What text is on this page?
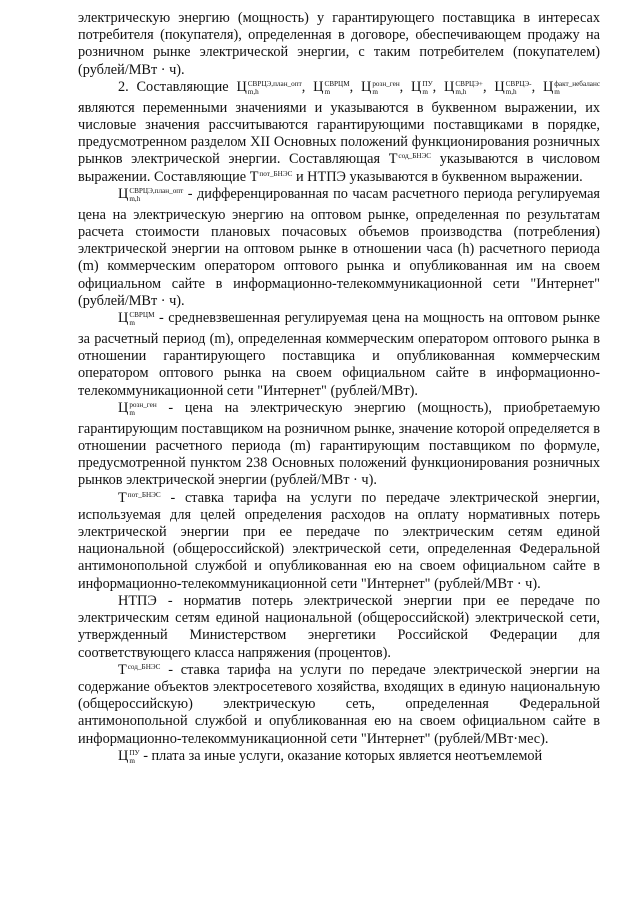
электрическую энергию (мощность) у гарантирующего поставщика в интересах потребителя (покупателя), определенная в договоре, обеспечивающем продажу на розничном рынке электрической энергии, с таким потребителем (покупателем) (рублей/МВт · ч).

2. Составляющие Ц СВРЦЭ,план_опт
m,h	, Ц СВРЦМ
m	, Ц розн_ген
m	, Ц ПУ
m , Ц СВРЦЭ+
m,h	, Ц СВРЦЭ-
m,h	, Ц факт_небаланс
m
являются переменными значениями и указываются в буквенном выражении, их числовые значения рассчитываются гарантирующими поставщиками в порядке, предусмотренном разделом XII Основных положений функционирования розничных рынков электрической энергии. Составляющая Т сод_БНЭС указываются в числовом выражении. Составляющие Т пот_БНЭС и НТПЭ указываются в буквенном выражении.

Ц СВРЦЭ,план_опт
m,h	- дифференцированная по часам расчетного периода регулируемая цена на электрическую энергию на оптовом рынке, определенная по результатам расчета стоимости плановых почасовых объемов производства (потребления) электрической энергии на оптовом рынке в отношении часа (h) расчетного периода (m) коммерческим оператором оптового рынка и опубликованная им на своем официальном сайте в информационно-телекоммуникационной сети "Интернет" (рублей/МВт · ч).

Ц СВРЦМ
m	- средневзвешенная регулируемая цена на мощность на оптовом рынке за расчетный период (m), определенная коммерческим оператором оптового рынка в отношении гарантирующего поставщика и опубликованная коммерческим оператором оптового рынка на своем официальном сайте в информационно-телекоммуникационной сети "Интернет" (рублей/МВт).

Ц розн_ген
m	- цена на электрическую энергию (мощность), приобретаемую гарантирующим поставщиком на розничном рынке, значение которой определяется в отношении расчетного периода (m) гарантирующим поставщиком по формуле, предусмотренной пунктом 238 Основных положений функционирования розничных рынков электрической энергии (рублей/МВт · ч).

Т пот_БНЭС - ставка тарифа на услуги по передаче электрической энергии, используемая для целей определения расходов на оплату нормативных потерь электрической энергии при ее передаче по электрическим сетям единой национальной (общероссийской) электрической сети, определенная Федеральной антимонопольной службой и опубликованная ею на своем официальном сайте в информационно-телекоммуникационной сети "Интернет" (рублей/МВт · ч).

НТПЭ - норматив потерь электрической энергии при ее передаче по электрическим сетям единой национальной (общероссийской) электрической сети, утвержденный Министерством энергетики Российской Федерации для соответствующего класса напряжения (процентов).

Т сод_БНЭС - ставка тарифа на услуги по передаче электрической энергии на содержание объектов электросетевого хозяйства, входящих в единую национальную (общероссийскую) электрическую сеть, определенная Федеральной антимонопольной службой и опубликованная ею на своем официальном сайте в информационно-телекоммуникационной сети "Интернет" (рублей/МВт·мес).

Ц ПУ
m - плата за иные услуги, оказание которых является неотъемлемой
